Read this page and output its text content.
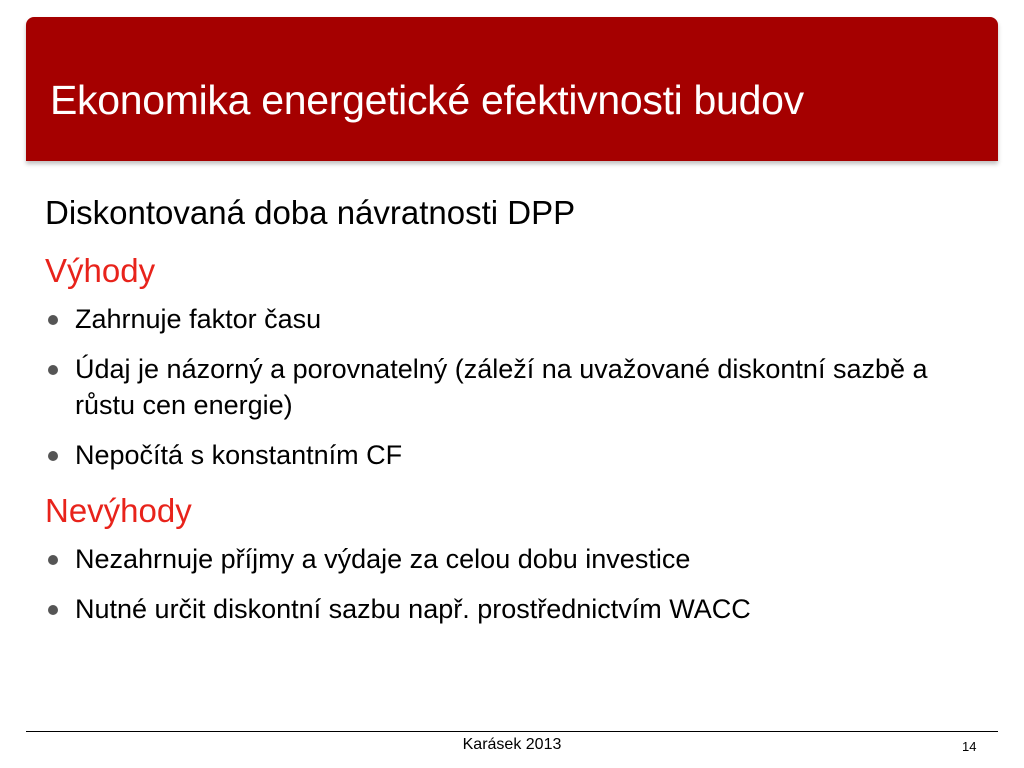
Ekonomika energetické efektivnosti budov
Diskontovaná doba návratnosti DPP
Výhody
Zahrnuje faktor času
Údaj je názorný a porovnatelný (záleží na uvažované diskontní sazbě a růstu cen energie)
Nepočítá s konstantním CF
Nevýhody
Nezahrnuje příjmy a výdaje za celou dobu investice
Nutné určit diskontní sazbu např. prostřednictvím WACC
Karásek 2013	14
